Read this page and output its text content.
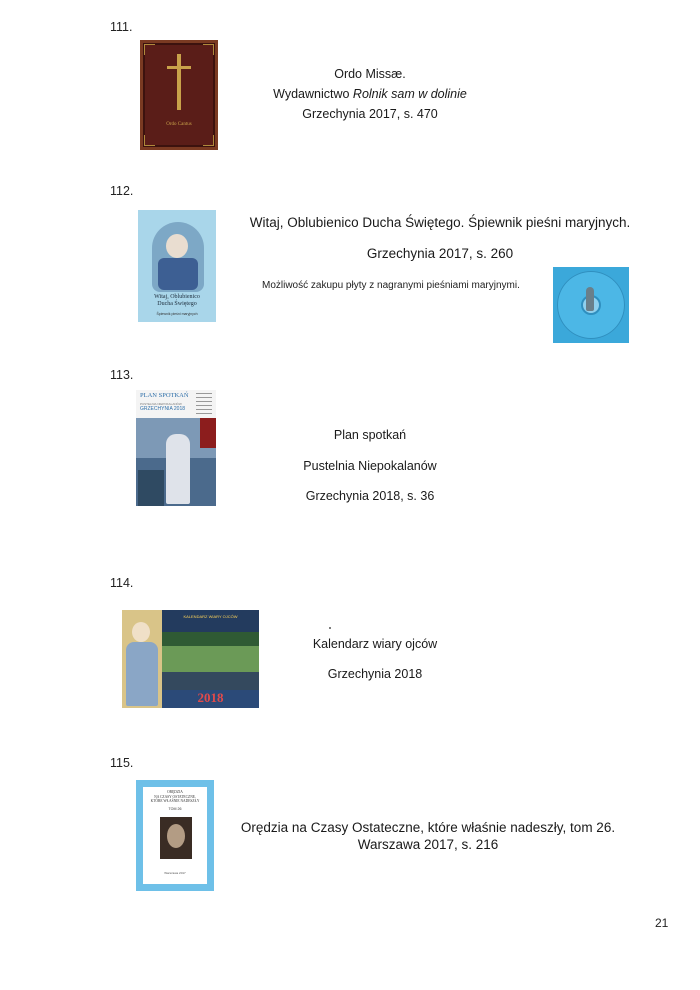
111.
Ordo Cantus
Ordo Missæ.
Wydawnictwo Rolnik sam w dolinie
Grzechynia 2017, s. 470
112.
Witaj, Oblubienico
Ducha Świętego
Śpiewnik pieśni maryjnych
Witaj, Oblubienico Ducha Świętego. Śpiewnik pieśni maryjnych.
Grzechynia 2017, s. 260
Możliwość zakupu płyty z nagranymi pieśniami maryjnymi.
113.
PLAN SPOTKAŃ
PUSTELNIA NIEPOKALANÓW
GRZECHYNIA 2018
Plan spotkań
Pustelnia Niepokalanów
Grzechynia 2018, s. 36
114.
KALENDARZ WIARY OJCÓW
2018
Kalendarz wiary ojców
Grzechynia 2018
115.
ORĘDZIA
NA CZASY OSTATECZNE,
KTÓRE WŁAŚNIE NADESZŁY
TOM 26
Warszawa 2017
Orędzia na Czasy Ostateczne, które właśnie nadeszły, tom 26.
Warszawa 2017, s. 216
21
